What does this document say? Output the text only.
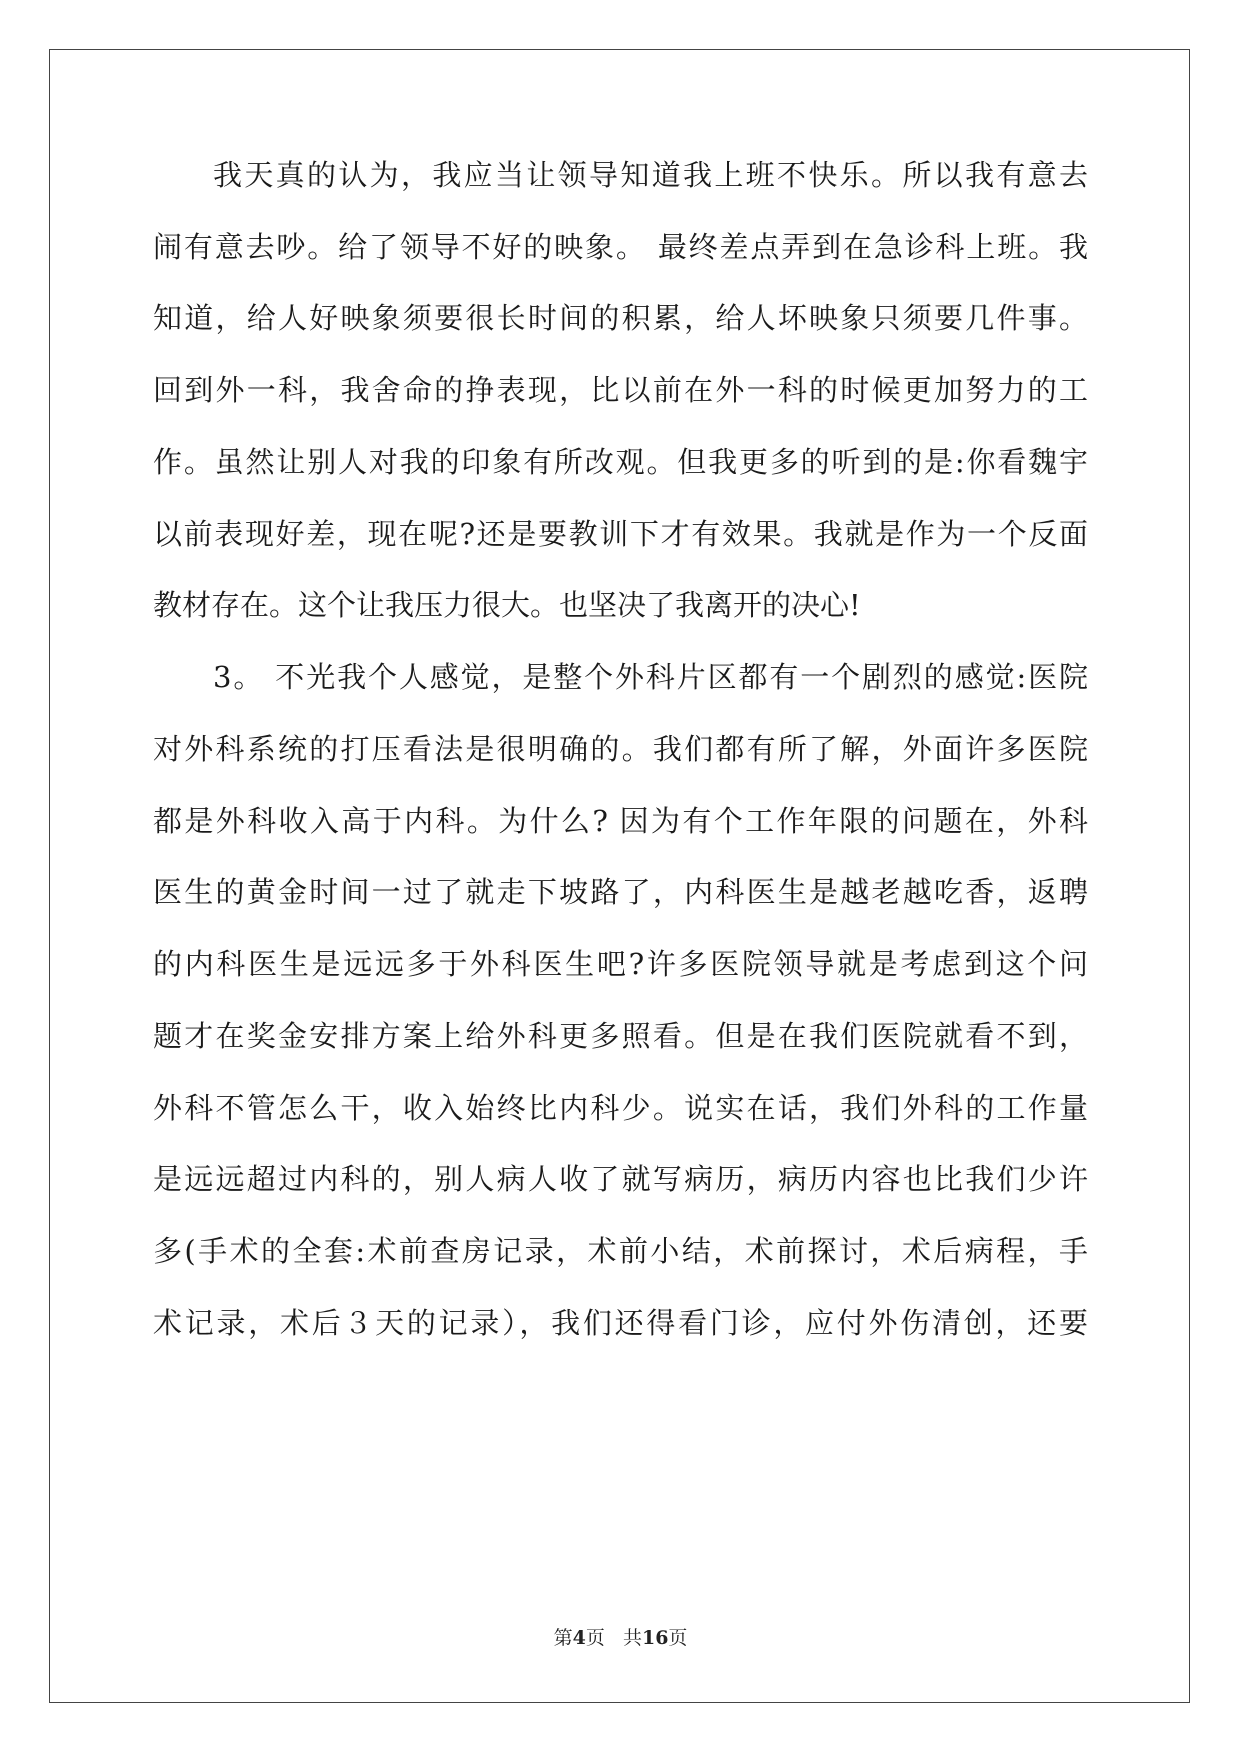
我天真的认为，我应当让领导知道我上班不快乐。所以我有意去
闹有意去吵。给了领导不好的映象。 最终差点弄到在急诊科上班。我
知道，给人好映象须要很长时间的积累，给人坏映象只须要几件事。
回到外一科，我舍命的挣表现，比以前在外一科的时候更加努力的工
作。虽然让别人对我的印象有所改观。但我更多的听到的是:你看魏宇
以前表现好差，现在呢?还是要教训下才有效果。我就是作为一个反面
教材存在。这个让我压力很大。也坚决了我离开的决心!
3。 不光我个人感觉，是整个外科片区都有一个剧烈的感觉:医院
对外科系统的打压看法是很明确的。我们都有所了解，外面许多医院
都是外科收入高于内科。为什么? 因为有个工作年限的问题在，外科
医生的黄金时间一过了就走下坡路了，内科医生是越老越吃香，返聘
的内科医生是远远多于外科医生吧?许多医院领导就是考虑到这个问
题才在奖金安排方案上给外科更多照看。但是在我们医院就看不到，
外科不管怎么干，收入始终比内科少。说实在话，我们外科的工作量
是远远超过内科的，别人病人收了就写病历，病历内容也比我们少许
多(手术的全套:术前查房记录，术前小结，术前探讨，术后病程，手
术记录，术后３天的记录），我们还得看门诊，应付外伤清创，还要
第4页 共16页
